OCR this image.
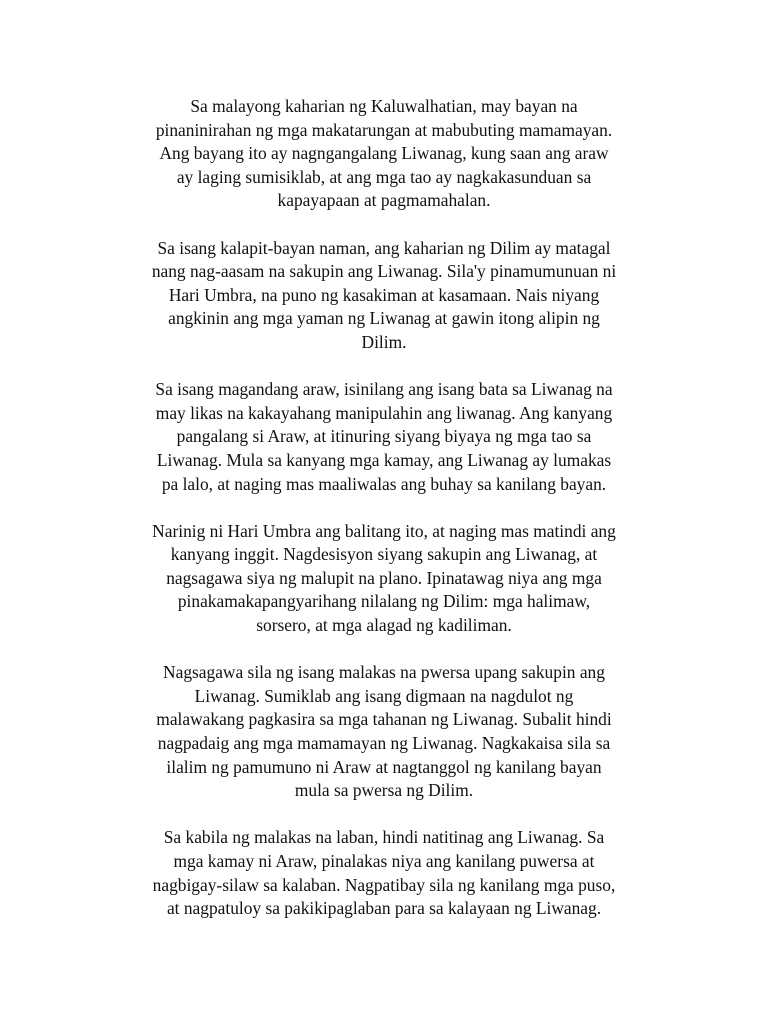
Sa malayong kaharian ng Kaluwalhatian, may bayan na
pinaninirahan ng mga makatarungan at mabubuting mamamayan.
Ang bayang ito ay nagngangalang Liwanag, kung saan ang araw
ay laging sumisiklab, at ang mga tao ay nagkakasunduan sa
kapayapaan at pagmamahalan.

Sa isang kalapit-bayan naman, ang kaharian ng Dilim ay matagal
nang nag-aasam na sakupin ang Liwanag. Sila'y pinamumunuan ni
Hari Umbra, na puno ng kasakiman at kasamaan. Nais niyang
angkinin ang mga yaman ng Liwanag at gawin itong alipin ng
Dilim.

Sa isang magandang araw, isinilang ang isang bata sa Liwanag na
may likas na kakayahang manipulahin ang liwanag. Ang kanyang
pangalang si Araw, at itinuring siyang biyaya ng mga tao sa
Liwanag. Mula sa kanyang mga kamay, ang Liwanag ay lumakas
pa lalo, at naging mas maaliwalas ang buhay sa kanilang bayan.

Narinig ni Hari Umbra ang balitang ito, at naging mas matindi ang
kanyang inggit. Nagdesisyon siyang sakupin ang Liwanag, at
nagsagawa siya ng malupit na plano. Ipinatawag niya ang mga
pinakamakapangyarihang nilalang ng Dilim: mga halimaw,
sorsero, at mga alagad ng kadiliman.

Nagsagawa sila ng isang malakas na pwersa upang sakupin ang
Liwanag. Sumiklab ang isang digmaan na nagdulot ng
malawakang pagkasira sa mga tahanan ng Liwanag. Subalit hindi
nagpadaig ang mga mamamayan ng Liwanag. Nagkakaisa sila sa
ilalim ng pamumuno ni Araw at nagtanggol ng kanilang bayan
mula sa pwersa ng Dilim.

Sa kabila ng malakas na laban, hindi natitinag ang Liwanag. Sa
mga kamay ni Araw, pinalakas niya ang kanilang puwersa at
nagbigay-silaw sa kalaban. Nagpatibay sila ng kanilang mga puso,
at nagpatuloy sa pakikipaglaban para sa kalayaan ng Liwanag.
